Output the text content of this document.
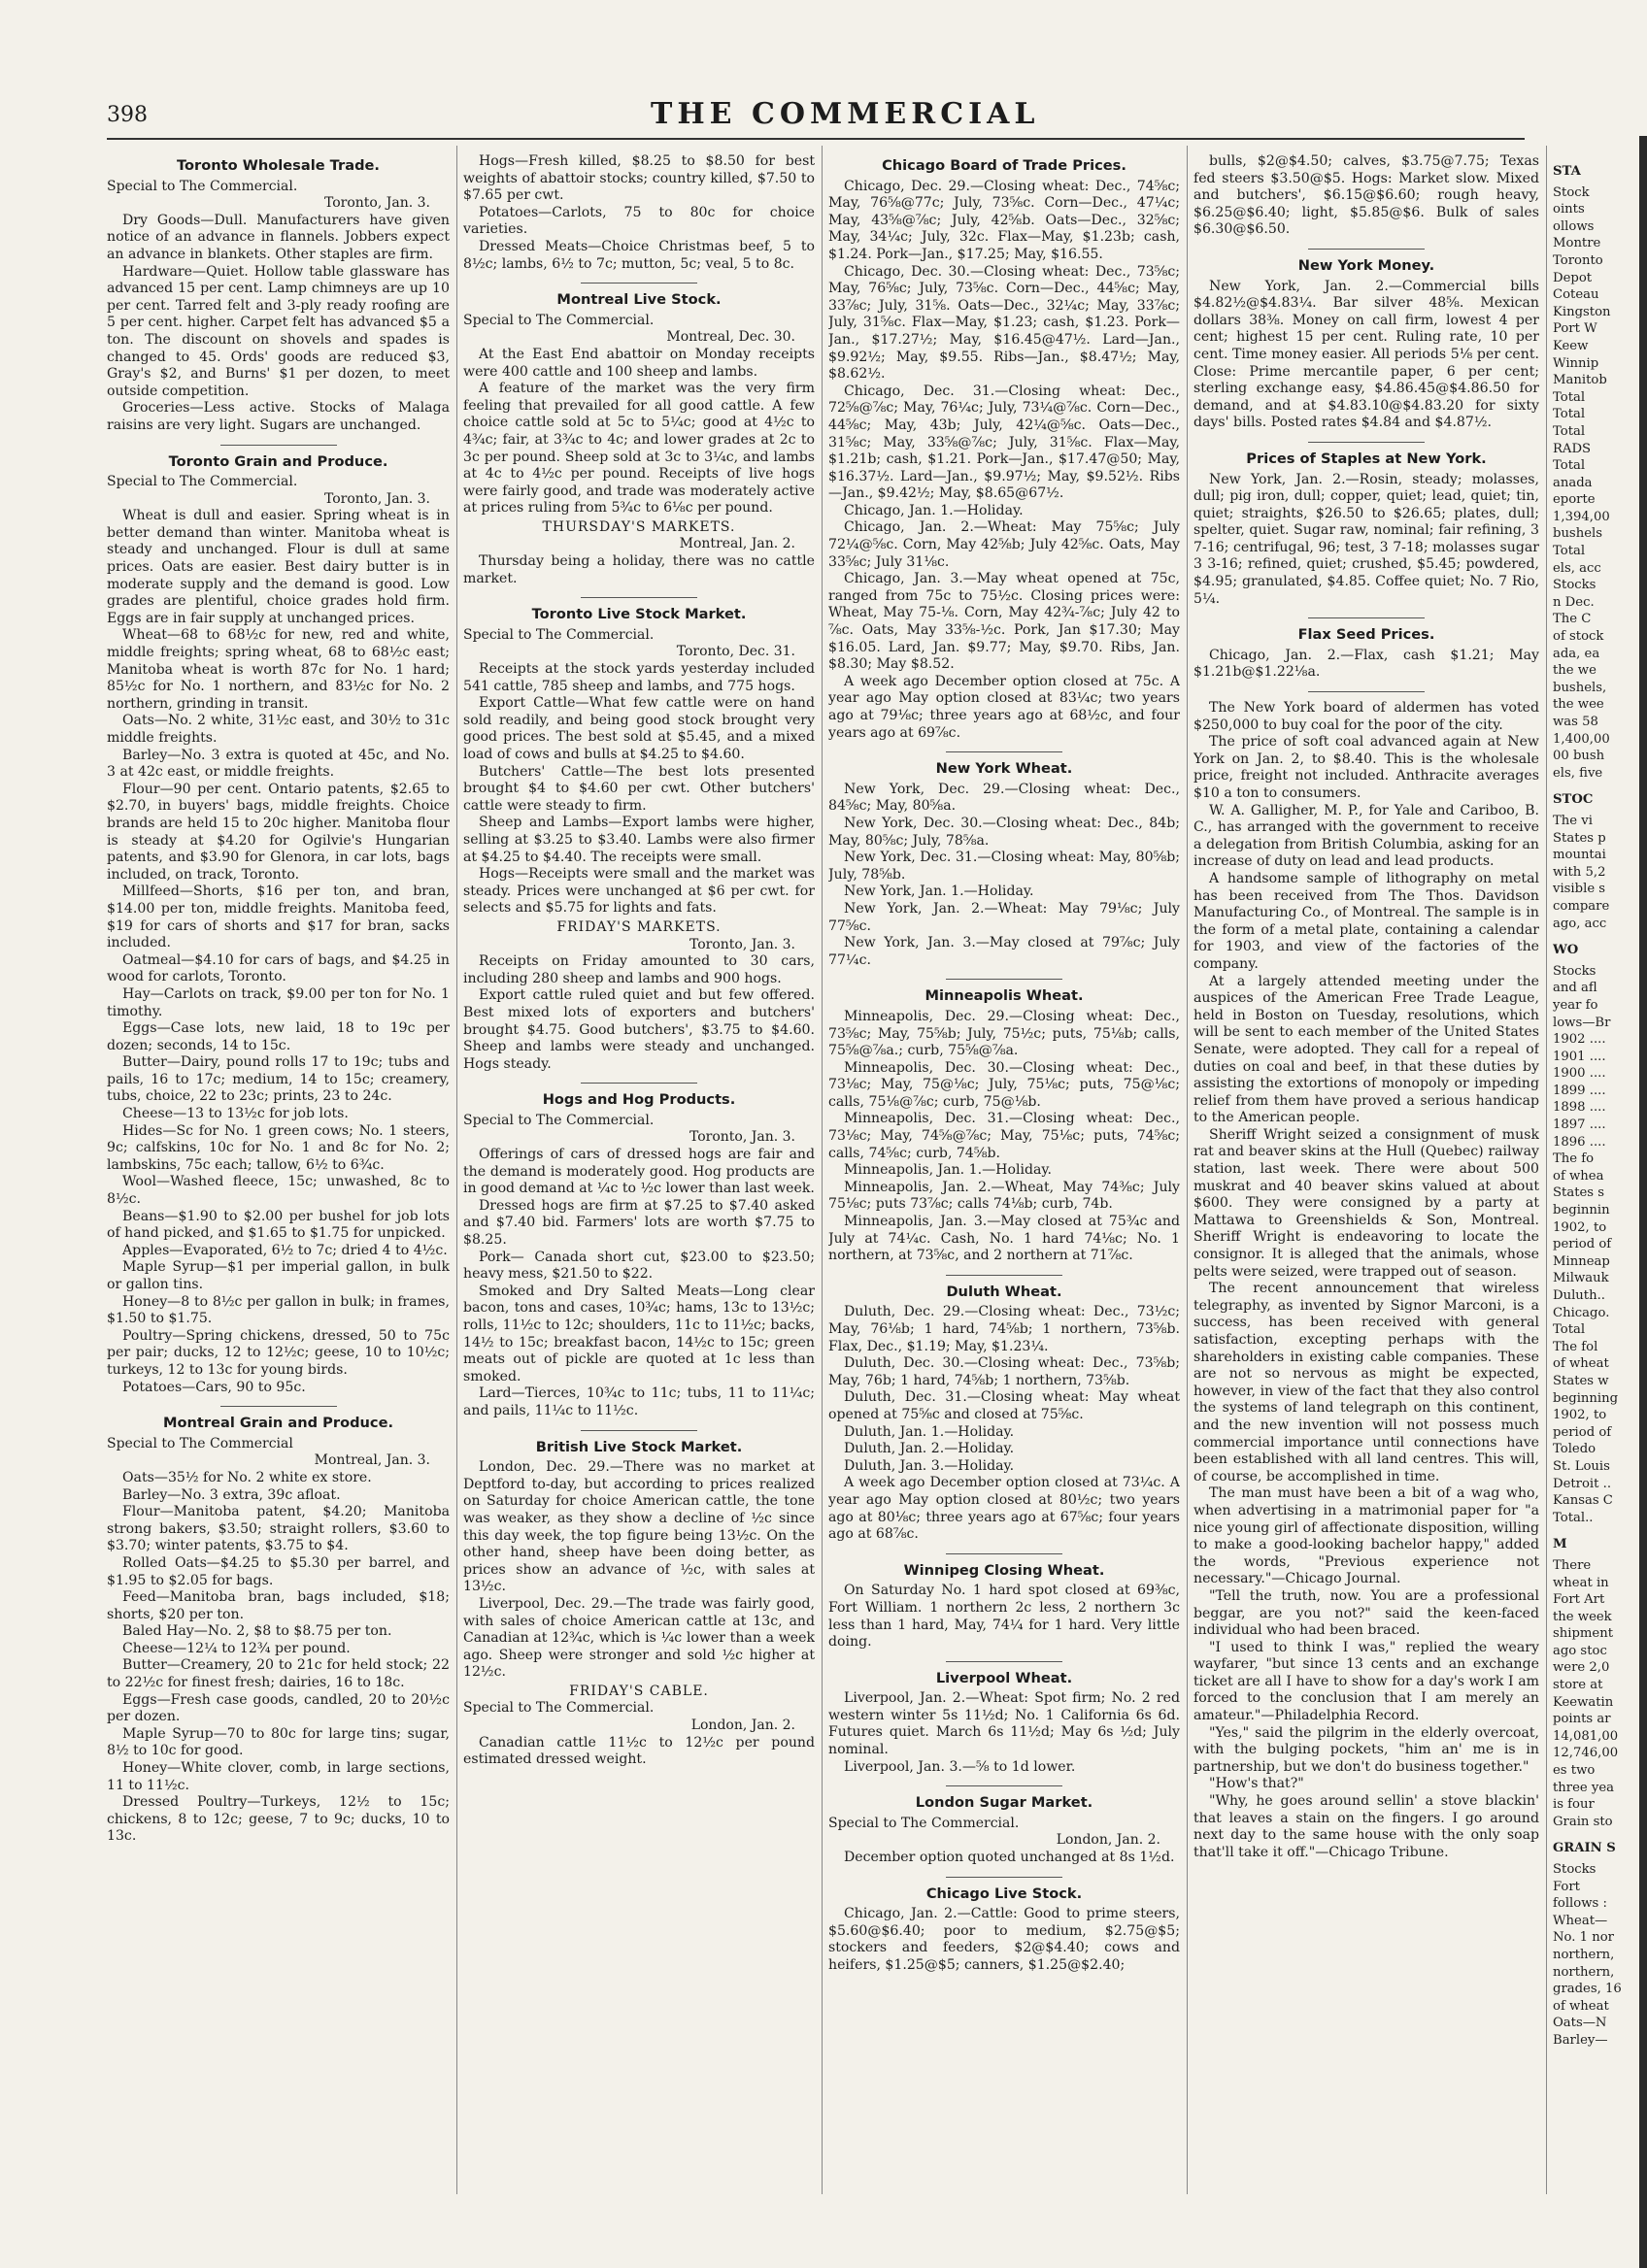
398	THE COMMERCIAL
Toronto Wholesale Trade.
Special to The Commercial.
Toronto, Jan. 3.
Dry Goods—Dull. Manufacturers have given notice of an advance in flannels. Jobbers expect an advance in blankets. Other staples are firm.
Hardware—Quiet. Hollow table glassware has advanced 15 per cent. Lamp chimneys are up 10 per cent. Tarred felt and 3-ply ready roofing are 5 per cent. higher. Carpet felt has advanced $5 a ton. The discount on shovels and spades is changed to 45. Ords' goods are reduced $3, Gray's $2, and Burns' $1 per dozen, to meet outside competition.
Groceries—Less active. Stocks of Malaga raisins are very light. Sugars are unchanged.
Toronto Grain and Produce.
Special to The Commercial.
Toronto, Jan. 3.
Wheat is dull and easier. Spring wheat is in better demand than winter. Manitoba wheat is steady and unchanged. Flour is dull at same prices. Oats are easier. Best dairy butter is in moderate supply and the demand is good. Low grades are plentiful, choice grades hold firm. Eggs are in fair supply at unchanged prices.
Wheat—68 to 68½c for new, red and white, middle freights; spring wheat, 68 to 68½c east; Manitoba wheat is worth 87c for No. 1 hard; 85½c for No. 1 northern, and 83½c for No. 2 northern, grinding in transit.
Oats—No. 2 white, 31½c east, and 30½ to 31c middle freights.
Barley—No. 3 extra is quoted at 45c, and No. 3 at 42c east, or middle freights.
Flour—90 per cent. Ontario patents, $2.65 to $2.70, in buyers' bags, middle freights. Choice brands are held 15 to 20c higher. Manitoba flour is steady at $4.20 for Ogilvie's Hungarian patents, and $3.90 for Glenora, in car lots, bags included, on track, Toronto.
Millfeed—Shorts, $16 per ton, and bran, $14.00 per ton, middle freights. Manitoba feed, $19 for cars of shorts and $17 for bran, sacks included.
Oatmeal—$4.10 for cars of bags, and $4.25 in wood for carlots, Toronto.
Hay—Carlots on track, $9.00 per ton for No. 1 timothy.
Eggs—Case lots, new laid, 18 to 19c per dozen; seconds, 14 to 15c.
Butter—Dairy, pound rolls 17 to 19c; tubs and pails, 16 to 17c; medium, 14 to 15c; creamery, tubs, choice, 22 to 23c; prints, 23 to 24c.
Cheese—13 to 13½c for job lots.
Hides—Sc for No. 1 green cows; No. 1 steers, 9c; calfskins, 10c for No. 1 and 8c for No. 2; lambskins, 75c each; tallow, 6½ to 6¾c.
Wool—Washed fleece, 15c; unwashed, 8c to 8½c.
Beans—$1.90 to $2.00 per bushel for job lots of hand picked, and $1.65 to $1.75 for unpicked.
Apples—Evaporated, 6½ to 7c; dried 4 to 4½c.
Maple Syrup—$1 per imperial gallon, in bulk or gallon tins.
Honey—8 to 8½c per gallon in bulk; in frames, $1.50 to $1.75.
Poultry—Spring chickens, dressed, 50 to 75c per pair; ducks, 12 to 12½c; geese, 10 to 10½c; turkeys, 12 to 13c for young birds.
Potatoes—Cars, 90 to 95c.
Montreal Grain and Produce.
Special to The Commercial
Montreal, Jan. 3.
Oats—35½ for No. 2 white ex store.
Barley—No. 3 extra, 39c afloat.
Flour—Manitoba patent, $4.20; Manitoba strong bakers, $3.50; straight rollers, $3.60 to $3.70; winter patents, $3.75 to $4.
Rolled Oats—$4.25 to $5.30 per barrel, and $1.95 to $2.05 for bags.
Feed—Manitoba bran, bags included, $18; shorts, $20 per ton.
Baled Hay—No. 2, $8 to $8.75 per ton.
Cheese—12¼ to 12¾ per pound.
Butter—Creamery, 20 to 21c for held stock; 22 to 22½c for finest fresh; dairies, 16 to 18c.
Eggs—Fresh case goods, candled, 20 to 20½c per dozen.
Maple Syrup—70 to 80c for large tins; sugar, 8½ to 10c for good.
Honey—White clover, comb, in large sections, 11 to 11½c.
Dressed Poultry—Turkeys, 12½ to 15c; chickens, 8 to 12c; geese, 7 to 9c; ducks, 10 to 13c.
Hogs—Fresh killed, $8.25 to $8.50 for best weights of abattoir stocks; country killed, $7.50 to $7.65 per cwt.
Potatoes—Carlots, 75 to 80c for choice varieties.
Dressed Meats—Choice Christmas beef, 5 to 8½c; lambs, 6½ to 7c; mutton, 5c; veal, 5 to 8c.
Montreal Live Stock.
Special to The Commercial.
Montreal, Dec. 30.
At the East End abattoir on Monday receipts were 400 cattle and 100 sheep and lambs.
A feature of the market was the very firm feeling that prevailed for all good cattle. A few choice cattle sold at 5c to 5¼c; good at 4½c to 4¾c; fair, at 3¾c to 4c; and lower grades at 2c to 3c per pound. Sheep sold at 3c to 3¼c, and lambs at 4c to 4½c per pound. Receipts of live hogs were fairly good, and trade was moderately active at prices ruling from 5¾c to 6⅛c per pound.
THURSDAY'S MARKETS.
Montreal, Jan. 2.
Thursday being a holiday, there was no cattle market.
Toronto Live Stock Market.
Special to The Commercial.
Toronto, Dec. 31.
Receipts at the stock yards yesterday included 541 cattle, 785 sheep and lambs, and 775 hogs.
Export Cattle—What few cattle were on hand sold readily, and being good stock brought very good prices. The best sold at $5.45, and a mixed load of cows and bulls at $4.25 to $4.60.
Butchers' Cattle—The best lots presented brought $4 to $4.60 per cwt. Other butchers' cattle were steady to firm.
Sheep and Lambs—Export lambs were higher, selling at $3.25 to $3.40. Lambs were also firmer at $4.25 to $4.40. The receipts were small.
Hogs—Receipts were small and the market was steady. Prices were unchanged at $6 per cwt. for selects and $5.75 for lights and fats.
FRIDAY'S MARKETS.
Toronto, Jan. 3.
Receipts on Friday amounted to 30 cars, including 280 sheep and lambs and 900 hogs.
Export cattle ruled quiet and but few offered. Best mixed lots of exporters and butchers' brought $4.75. Good butchers', $3.75 to $4.60. Sheep and lambs were steady and unchanged. Hogs steady.
Hogs and Hog Products.
Special to The Commercial.
Toronto, Jan. 3.
Offerings of cars of dressed hogs are fair and the demand is moderately good. Hog products are in good demand at ¼c to ½c lower than last week.
Dressed hogs are firm at $7.25 to $7.40 asked and $7.40 bid. Farmers' lots are worth $7.75 to $8.25.
Pork— Canada short cut, $23.00 to $23.50; heavy mess, $21.50 to $22.
Smoked and Dry Salted Meats—Long clear bacon, tons and cases, 10¾c; hams, 13c to 13½c; rolls, 11½c to 12c; shoulders, 11c to 11½c; backs, 14½ to 15c; breakfast bacon, 14½c to 15c; green meats out of pickle are quoted at 1c less than smoked.
Lard—Tierces, 10¾c to 11c; tubs, 11 to 11¼c; and pails, 11¼c to 11½c.
British Live Stock Market.
London, Dec. 29.—There was no market at Deptford to-day, but according to prices realized on Saturday for choice American cattle, the tone was weaker, as they show a decline of ½c since this day week, the top figure being 13½c. On the other hand, sheep have been doing better, as prices show an advance of ½c, with sales at 13½c.
Liverpool, Dec. 29.—The trade was fairly good, with sales of choice American cattle at 13c, and Canadian at 12¾c, which is ¼c lower than a week ago. Sheep were stronger and sold ½c higher at 12½c.
FRIDAY'S CABLE.
Special to The Commercial.
London, Jan. 2.
Canadian cattle 11½c to 12½c per pound estimated dressed weight.
Chicago Board of Trade Prices.
Chicago, Dec. 29.—Closing wheat: Dec., 74⅝c; May, 76⅝@77c; July, 73⅝c. Corn—Dec., 47¼c; May, 43⅝@⅞c; July, 42⅝b. Oats—Dec., 32⅝c; May, 34¼c; July, 32c. Flax—May, $1.23b; cash, $1.24. Pork—Jan., $17.25; May, $16.55.
Chicago, Dec. 30.—Closing wheat: Dec., 73⅝c; May, 76⅝c; July, 73⅝c. Corn—Dec., 44⅝c; May, 33⅞c; July, 31⅝. Oats—Dec., 32¼c; May, 33⅞c; July, 31⅝c. Flax—May, $1.23; cash, $1.23. Pork—Jan., $17.27½; May, $16.45@47½. Lard—Jan., $9.92½; May, $9.55. Ribs—Jan., $8.47½; May, $8.62½.
Chicago, Dec. 31.—Closing wheat: Dec., 72⅝@⅞c; May, 76¼c; July, 73¼@⅞c. Corn—Dec., 44⅝c; May, 43b; July, 42¼@⅝c. Oats—Dec., 31⅝c; May, 33⅝@⅞c; July, 31⅝c. Flax—May, $1.21b; cash, $1.21. Pork—Jan., $17.47@50; May, $16.37½. Lard—Jan., $9.97½; May, $9.52½. Ribs—Jan., $9.42½; May, $8.65@67½.
Chicago, Jan. 1.—Holiday.
Chicago, Jan. 2.—Wheat: May 75⅝c; July 72¼@⅝c. Corn, May 42⅝b; July 42⅝c. Oats, May 33⅝c; July 31⅛c.
Chicago, Jan. 3.—May wheat opened at 75c, ranged from 75c to 75½c. Closing prices were: Wheat, May 75-⅛. Corn, May 42¾-⅞c; July 42 to ⅞c. Oats, May 33⅝-½c. Pork, Jan $17.30; May $16.05. Lard, Jan. $9.77; May, $9.70. Ribs, Jan. $8.30; May $8.52.
A week ago December option closed at 75c. A year ago May option closed at 83¼c; two years ago at 79⅛c; three years ago at 68½c, and four years ago at 69⅞c.
New York Wheat.
New York, Dec. 29.—Closing wheat: Dec., 84⅝c; May, 80⅝a.
New York, Dec. 30.—Closing wheat: Dec., 84b; May, 80⅝c; July, 78⅝a.
New York, Dec. 31.—Closing wheat: May, 80⅝b; July, 78⅝b.
New York, Jan. 1.—Holiday.
New York, Jan. 2.—Wheat: May 79⅛c; July 77⅝c.
New York, Jan. 3.—May closed at 79⅞c; July 77¼c.
Minneapolis Wheat.
Minneapolis, Dec. 29.—Closing wheat: Dec., 73⅝c; May, 75⅝b; July, 75½c; puts, 75⅛b; calls, 75⅝@⅞a.; curb, 75⅝@⅞a.
Minneapolis, Dec. 30.—Closing wheat: Dec., 73⅛c; May, 75@⅛c; July, 75⅛c; puts, 75@⅛c; calls, 75⅛@⅞c; curb, 75@⅛b.
Minneapolis, Dec. 31.—Closing wheat: Dec., 73⅛c; May, 74⅝@⅞c; May, 75⅛c; puts, 74⅝c; calls, 74⅝c; curb, 74⅝b.
Minneapolis, Jan. 1.—Holiday.
Minneapolis, Jan. 2.—Wheat, May 74⅜c; July 75⅛c; puts 73⅞c; calls 74⅛b; curb, 74b.
Minneapolis, Jan. 3.—May closed at 75¾c and July at 74¼c. Cash, No. 1 hard 74⅛c; No. 1 northern, at 73⅝c, and 2 northern at 71⅞c.
Duluth Wheat.
Duluth, Dec. 29.—Closing wheat: Dec., 73½c; May, 76⅛b; 1 hard, 74⅝b; 1 northern, 73⅝b. Flax, Dec., $1.19; May, $1.23¼.
Duluth, Dec. 30.—Closing wheat: Dec., 73⅝b; May, 76b; 1 hard, 74⅝b; 1 northern, 73⅝b.
Duluth, Dec. 31.—Closing wheat: May wheat opened at 75⅝c and closed at 75⅝c.
Duluth, Jan. 1.—Holiday.
Duluth, Jan. 2.—Holiday.
Duluth, Jan. 3.—Holiday.
A week ago December option closed at 73¼c. A year ago May option closed at 80½c; two years ago at 80⅛c; three years ago at 67⅝c; four years ago at 68⅞c.
Winnipeg Closing Wheat.
On Saturday No. 1 hard spot closed at 69⅜c, Fort William. 1 northern 2c less, 2 northern 3c less than 1 hard, May, 74¼ for 1 hard. Very little doing.
Liverpool Wheat.
Liverpool, Jan. 2.—Wheat: Spot firm; No. 2 red western winter 5s 11½d; No. 1 California 6s 6d. Futures quiet. March 6s 11½d; May 6s ½d; July nominal.
Liverpool, Jan. 3.—⅝ to 1d lower.
London Sugar Market.
Special to The Commercial.
London, Jan. 2.
December option quoted unchanged at 8s 1½d.
Chicago Live Stock.
Chicago, Jan. 2.—Cattle: Good to prime steers, $5.60@$6.40; poor to medium, $2.75@$5; stockers and feeders, $2@$4.40; cows and heifers, $1.25@$5; canners, $1.25@$2.40;
bulls, $2@$4.50; calves, $3.75@7.75; Texas fed steers $3.50@$5. Hogs: Market slow. Mixed and butchers', $6.15@$6.60; rough heavy, $6.25@$6.40; light, $5.85@$6. Bulk of sales $6.30@$6.50.
New York Money.
New York, Jan. 2.—Commercial bills $4.82½@$4.83¼. Bar silver 48⅝. Mexican dollars 38⅜. Money on call firm, lowest 4 per cent; highest 15 per cent. Ruling rate, 10 per cent. Time money easier. All periods 5⅛ per cent. Close: Prime mercantile paper, 6 per cent; sterling exchange easy, $4.86.45@$4.86.50 for demand, and at $4.83.10@$4.83.20 for sixty days' bills. Posted rates $4.84 and $4.87½.
Prices of Staples at New York.
New York, Jan. 2.—Rosin, steady; molasses, dull; pig iron, dull; copper, quiet; lead, quiet; tin, quiet; straights, $26.50 to $26.65; plates, dull; spelter, quiet. Sugar raw, nominal; fair refining, 3 7-16; centrifugal, 96; test, 3 7-18; molasses sugar 3 3-16; refined, quiet; crushed, $5.45; powdered, $4.95; granulated, $4.85. Coffee quiet; No. 7 Rio, 5¼.
Flax Seed Prices.
Chicago, Jan. 2.—Flax, cash $1.21; May $1.21b@$1.22⅛a.
The New York board of aldermen has voted $250,000 to buy coal for the poor of the city.
The price of soft coal advanced again at New York on Jan. 2, to $8.40. This is the wholesale price, freight not included. Anthracite averages $10 a ton to consumers.
W. A. Galligher, M. P., for Yale and Cariboo, B. C., has arranged with the government to receive a delegation from British Columbia, asking for an increase of duty on lead and lead products.
A handsome sample of lithography on metal has been received from The Thos. Davidson Manufacturing Co., of Montreal. The sample is in the form of a metal plate, containing a calendar for 1903, and view of the factories of the company.
At a largely attended meeting under the auspices of the American Free Trade League, held in Boston on Tuesday, resolutions, which will be sent to each member of the United States Senate, were adopted. They call for a repeal of duties on coal and beef, in that these duties by assisting the extortions of monopoly or impeding relief from them have proved a serious handicap to the American people.
Sheriff Wright seized a consignment of musk rat and beaver skins at the Hull (Quebec) railway station, last week. There were about 500 muskrat and 40 beaver skins valued at about $600. They were consigned by a party at Mattawa to Greenshields & Son, Montreal. Sheriff Wright is endeavoring to locate the consignor. It is alleged that the animals, whose pelts were seized, were trapped out of season.
The recent announcement that wireless telegraphy, as invented by Signor Marconi, is a success, has been received with general satisfaction, excepting perhaps with the shareholders in existing cable companies. These are not so nervous as might be expected, however, in view of the fact that they also control the systems of land telegraph on this continent, and the new invention will not possess much commercial importance until connections have been established with all land centres. This will, of course, be accomplished in time.
The man must have been a bit of a wag who, when advertising in a matrimonial paper for "a nice young girl of affectionate disposition, willing to make a good-looking bachelor happy," added the words, "Previous experience not necessary."—Chicago Journal.
"Tell the truth, now. You are a professional beggar, are you not?" said the keen-faced individual who had been braced.
"I used to think I was," replied the weary wayfarer, "but since 13 cents and an exchange ticket are all I have to show for a day's work I am forced to the conclusion that I am merely an amateur."—Philadelphia Record.
"Yes," said the pilgrim in the elderly overcoat, with the bulging pockets, "him an' me is in partnership, but we don't do business together."
"How's that?"
"Why, he goes around sellin' a stove blackin' that leaves a stain on the fingers. I go around next day to the same house with the only soap that'll take it off."—Chicago Tribune.
STA
Stock
oints
ollows
Montre
Toronto
Depot
Coteau
Kingston
Port W
Keew
Winnip
Manitob
Total
Total
Total
RADS
Total
anada
eporte
1,394,00
bushels
Total
els, acc
Stocks
n Dec.
The C
of stock
ada, ea
the we
bushels,
the wee
was 58
1,400,00
00 bush
els, five
STOC
The vi
States p
mountai
with 5,2
visible s
compare
ago, acc
WO
Stocks
and afl
year fo
lows—Br
1902 ....
1901 ....
1900 ....
1899 ....
1898 ....
1897 ....
1896 ....
The fo
of whea
States s
beginnin
1902, to
period of
Minneap
Milwauk
Duluth..
Chicago.
Total
The fol
of wheat
States w
beginning
1902, to
period of
Toledo
St. Louis
Detroit ..
Kansas C
Total..
M
There
wheat in
Fort Art
the week
shipment
ago stoc
were 2,0
store at
Keewatin
points ar
14,081,00
12,746,00
es two
three yea
is four
Grain sto
GRAIN S
Stocks
Fort
follows :
Wheat—
No. 1 nor
northern,
northern,
grades, 16
of wheat
Oats—N
Barley—
